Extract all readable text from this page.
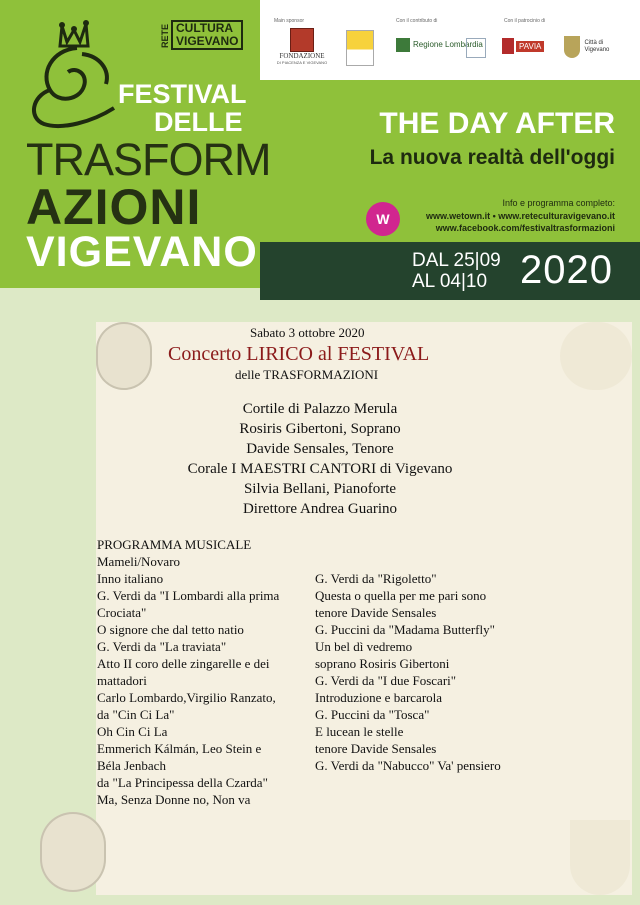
RETE CULTURA
VIGEVANO
FESTIVAL
DELLE
TRASFORM
AZIONI
VIGEVANO
Main sponsor	Con il contributo di	Con il patrocinio di
FONDAZIONE
DI PIACENZA E VIGEVANO
Regione Lombardia	PAVIA	Città di Vigevano
THE DAY AFTER
La nuova realtà dell'oggi
W
Info e programma completo:
www.wetown.it • www.reteculturavigevano.it
www.facebook.com/festivaltrasformazioni
DAL 25|09
AL 04|10 2020
Sabato 3 ottobre 2020
Concerto LIRICO al FESTIVAL
delle TRASFORMAZIONI
Cortile di Palazzo Merula
Rosiris Gibertoni, Soprano
Davide Sensales, Tenore
Corale I MAESTRI CANTORI di Vigevano
Silvia Bellani, Pianoforte
Direttore Andrea Guarino
PROGRAMMA MUSICALE
Mameli/Novaro
Inno italiano
G. Verdi da "I Lombardi alla prima
Crociata"
O signore che dal tetto natio
G. Verdi da "La traviata"
Atto II coro delle zingarelle e dei
mattadori
Carlo Lombardo,Virgilio Ranzato,
da "Cin Ci La"
Oh Cin Ci La
Emmerich Kálmán, Leo Stein e
Béla Jenbach
da "La Principessa della Czarda"
Ma, Senza Donne no, Non va
G. Verdi da "Rigoletto"
Questa o quella per me pari sono
tenore Davide Sensales
G. Puccini da "Madama Butterfly"
Un bel dì vedremo
soprano Rosiris Gibertoni
G. Verdi da "I due Foscari"
Introduzione e barcarola
G. Puccini da "Tosca"
E lucean le stelle
tenore Davide Sensales
G. Verdi da "Nabucco" Va' pensiero
